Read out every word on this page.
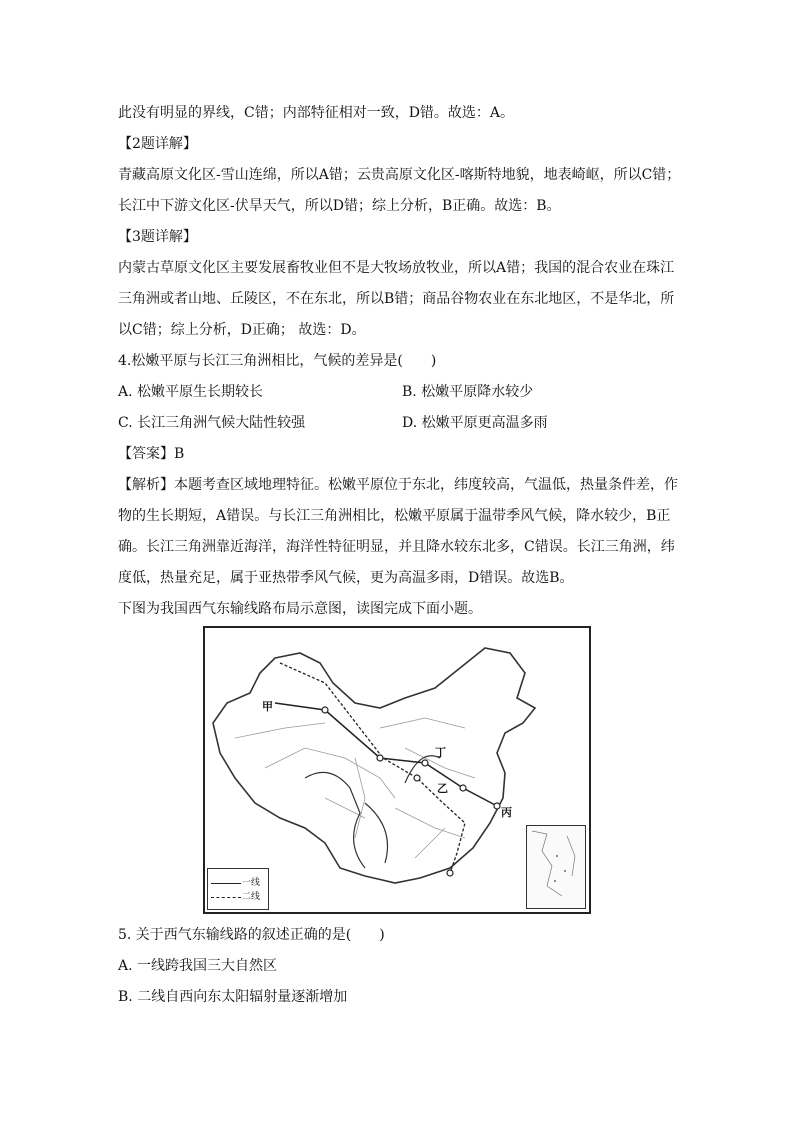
此没有明显的界线，C错；内部特征相对一致，D错。故选：A。
【2题详解】
青藏高原文化区-雪山连绵，所以A错；云贵高原文化区-喀斯特地貌，地表崎岖，所以C错；
长江中下游文化区-伏旱天气，所以D错；综上分析，B正确。故选：B。
【3题详解】
内蒙古草原文化区主要发展畜牧业但不是大牧场放牧业，所以A错；我国的混合农业在珠江
三角洲或者山地、丘陵区，不在东北，所以B错；商品谷物农业在东北地区，不是华北，所
以C错；综上分析，D正确； 故选：D。
4.松嫩平原与长江三角洲相比，气候的差异是(　　)
A. 松嫩平原生长期较长	B. 松嫩平原降水较少
C. 长江三角洲气候大陆性较强	D. 松嫩平原更高温多雨
【答案】B
【解析】本题考查区域地理特征。松嫩平原位于东北，纬度较高，气温低，热量条件差，作
物的生长期短，A错误。与长江三角洲相比，松嫩平原属于温带季风气候，降水较少，B正
确。长江三角洲靠近海洋，海洋性特征明显，并且降水较东北多，C错误。长江三角洲，纬
度低，热量充足，属于亚热带季风气候，更为高温多雨，D错误。故选B。
下图为我国西气东输线路布局示意图，读图完成下面小题。
甲
丁
乙
丙
一线
二线
5. 关于西气东输线路的叙述正确的是(　　)
A. 一线跨我国三大自然区
B. 二线自西向东太阳辐射量逐渐增加
